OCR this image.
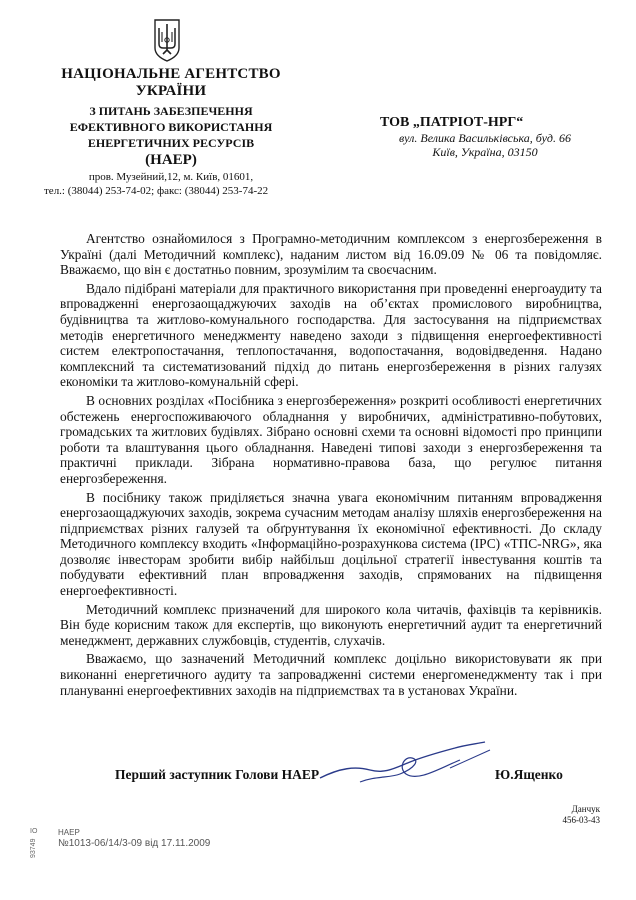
НАЦІОНАЛЬНЕ АГЕНТСТВО
УКРАЇНИ
З ПИТАНЬ ЗАБЕЗПЕЧЕННЯ
ЕФЕКТИВНОГО ВИКОРИСТАННЯ
ЕНЕРГЕТИЧНИХ РЕСУРСІВ
(НАЕР)
пров. Музейний,12, м. Київ, 01601,
тел.: (38044) 253-74-02; факс: (38044) 253-74-22
ТОВ „ПАТРІОТ-НРГ“
вул. Велика Васильківська, буд. 66
Київ, Україна, 03150

Агентство ознайомилося з Програмно-методичним комплексом з енергозбереження в Україні (далі Методичний комплекс), наданим листом від 16.09.09 № 06 та повідомляє. Вважаємо, що він є достатньо повним, зрозумілим та своєчасним.

Вдало підібрані матеріали для практичного використання при проведенні енергоаудиту та впровадженні енергозаощаджуючих заходів на об’єктах промислового виробництва, будівництва та житлово-комунального господарства. Для застосування на підприємствах методів енергетичного менеджменту наведено заходи з підвищення енергоефективності систем електропостачання, теплопостачання, водопостачання, водовідведення. Надано комплексний та систематизований підхід до питань енергозбереження в різних галузях економіки та житлово-комунальній сфері.

В основних розділах «Посібника з енергозбереження» розкриті особливості енергетичних обстежень енергоспоживаючого обладнання у виробничих, адміністративно-побутових, громадських та житлових будівлях. Зібрано основні схеми та основні відомості про принципи роботи та влаштування цього обладнання. Наведені типові заходи з енергозбереження та практичні приклади. Зібрана нормативно-правова база, що регулює питання енергозбереження.

В посібнику також приділяється значна увага економічним питанням впровадження енергозаощаджуючих заходів, зокрема сучасним методам аналізу шляхів енергозбереження на підприємствах різних галузей та обґрунтування їх економічної ефективності. До складу Методичного комплексу входить «Інформаційно-розрахункова система (ІРС) «ТПС-NRG», яка дозволяє інвесторам зробити вибір найбільш доцільної стратегії інвестування коштів та побудувати ефективний план впровадження заходів, спрямованих на підвищення енергоефективності.

Методичний комплекс призначений для широкого кола читачів, фахівців та керівників. Він буде корисним також для експертів, що виконують енергетичний аудит та енергетичний менеджмент, державних службовців, студентів, слухачів.

Вважаємо, що зазначений Методичний комплекс доцільно використовувати як при виконанні енергетичного аудиту та запровадженні системи енергоменеджменту так і при плануванні енергоефективних заходів на підприємствах та в установах України.

Перший заступник Голови НАЕР	Ю.Ященко
Данчук
456-03-43
IO	НАЕР
№1013-06/14/3-09 від 17.11.2009
93749
